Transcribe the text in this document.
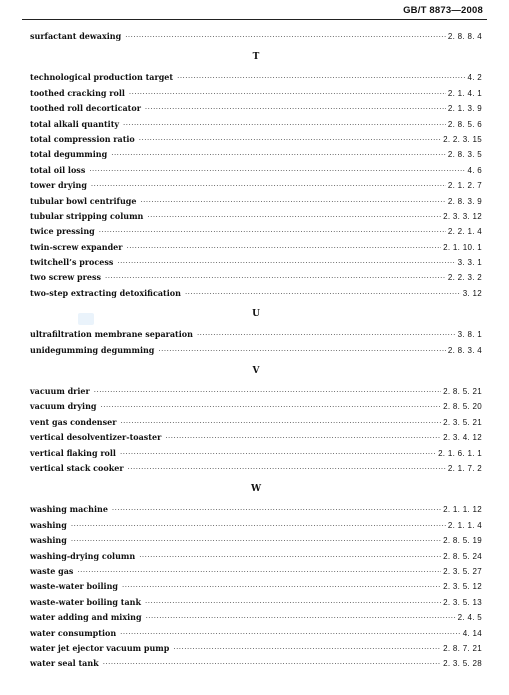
GB/T 8873—2008
surfactant dewaxing ·····	2. 8. 8. 4
T
technological production target ·····	4. 2
toothed cracking roll ·····	2. 1. 4. 1
toothed roll decorticator ·····	2. 1. 3. 9
total alkali quantity ·····	2. 8. 5. 6
total compression ratio ·····	2. 2. 3. 15
total degumming ·····	2. 8. 3. 5
total oil loss ·····	4. 6
tower drying ·····	2. 1. 2. 7
tubular bowl centrifuge ·····	2. 8. 3. 9
tubular stripping column ·····	2. 3. 3. 12
twice pressing ·····	2. 2. 1. 4
twin-screw expander ·····	2. 1. 10. 1
twitchell’s process ·····	3. 3. 1
two screw press ·····	2. 2. 3. 2
two-step extracting detoxification ·····	3. 12
U
ultrafiltration membrane separation ·····	3. 8. 1
unidegumming degumming ·····	2. 8. 3. 4
V
vacuum drier ·····	2. 8. 5. 21
vacuum drying ·····	2. 8. 5. 20
vent gas condenser ·····	2. 3. 5. 21
vertical desolventizer-toaster ·····	2. 3. 4. 12
vertical flaking roll ·····	2. 1. 6. 1. 1
vertical stack cooker ·····	2. 1. 7. 2
W
washing machine ·····	2. 1. 1. 12
washing ·····	2. 1. 1. 4
washing ·····	2. 8. 5. 19
washing-drying column ·····	2. 8. 5. 24
waste gas ·····	2. 3. 5. 27
waste-water boiling ·····	2. 3. 5. 12
waste-water boiling tank ·····	2. 3. 5. 13
water adding and mixing ·····	2. 4. 5
water consumption ·····	4. 14
water jet ejector vacuum pump ·····	2. 8. 7. 21
water seal tank ·····	2. 3. 5. 28
